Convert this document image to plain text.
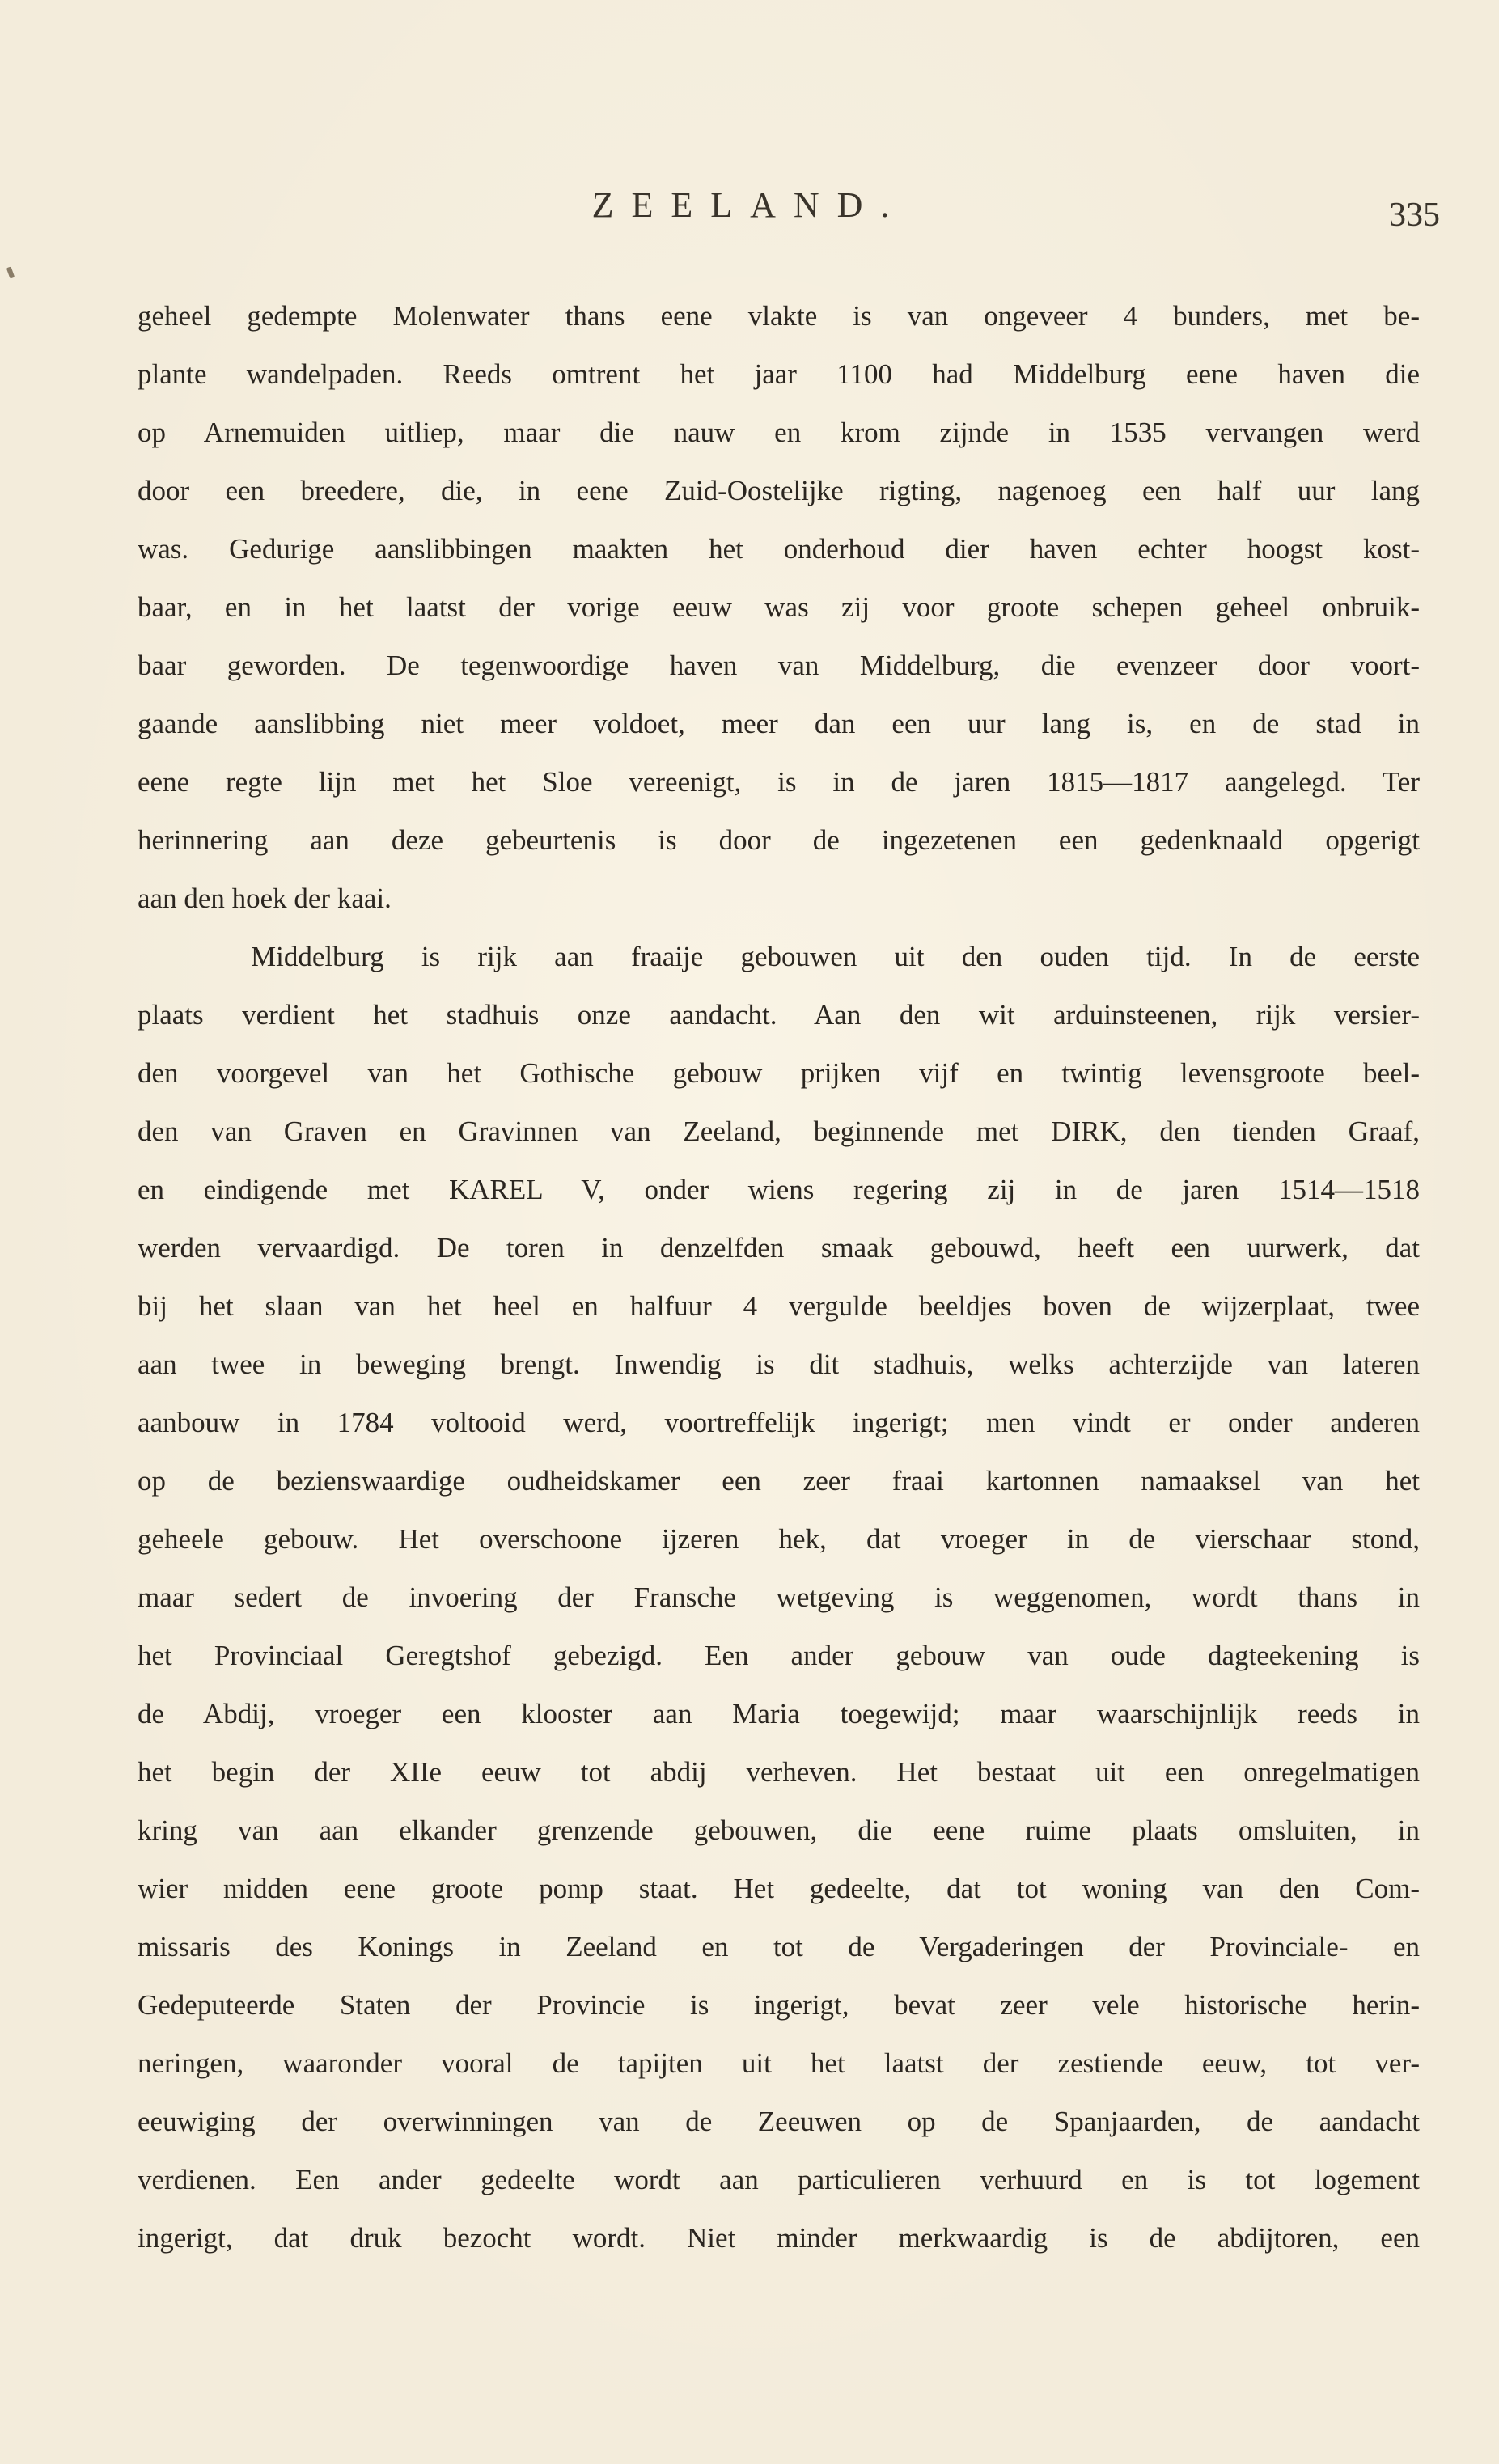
ZEELAND.	335
geheel gedempte Molenwater thans eene vlakte is van ongeveer 4 bunders, met be-
plante wandelpaden. Reeds omtrent het jaar 1100 had Middelburg eene haven die
op Arnemuiden uitliep, maar die nauw en krom zijnde in 1535 vervangen werd
door een breedere, die, in eene Zuid-Oostelijke rigting, nagenoeg een half uur lang
was. Gedurige aanslibbingen maakten het onderhoud dier haven echter hoogst kost-
baar, en in het laatst der vorige eeuw was zij voor groote schepen geheel onbruik-
baar geworden. De tegenwoordige haven van Middelburg, die evenzeer door voort-
gaande aanslibbing niet meer voldoet, meer dan een uur lang is, en de stad in
eene regte lijn met het Sloe vereenigt, is in de jaren 1815—1817 aangelegd. Ter
herinnering aan deze gebeurtenis is door de ingezetenen een gedenknaald opgerigt
aan den hoek der kaai.
Middelburg is rijk aan fraaije gebouwen uit den ouden tijd. In de eerste
plaats verdient het stadhuis onze aandacht. Aan den wit arduinsteenen, rijk versier-
den voorgevel van het Gothische gebouw prijken vijf en twintig levensgroote beel-
den van Graven en Gravinnen van Zeeland, beginnende met DIRK, den tienden Graaf,
en eindigende met KAREL V, onder wiens regering zij in de jaren 1514—1518
werden vervaardigd. De toren in denzelfden smaak gebouwd, heeft een uurwerk, dat
bij het slaan van het heel en halfuur 4 vergulde beeldjes boven de wijzerplaat, twee
aan twee in beweging brengt. Inwendig is dit stadhuis, welks achterzijde van lateren
aanbouw in 1784 voltooid werd, voortreffelijk ingerigt; men vindt er onder anderen
op de bezienswaardige oudheidskamer een zeer fraai kartonnen namaaksel van het
geheele gebouw. Het overschoone ijzeren hek, dat vroeger in de vierschaar stond,
maar sedert de invoering der Fransche wetgeving is weggenomen, wordt thans in
het Provinciaal Geregtshof gebezigd. Een ander gebouw van oude dagteekening is
de Abdij, vroeger een klooster aan Maria toegewijd; maar waarschijnlijk reeds in
het begin der XIIe eeuw tot abdij verheven. Het bestaat uit een onregelmatigen
kring van aan elkander grenzende gebouwen, die eene ruime plaats omsluiten, in
wier midden eene groote pomp staat. Het gedeelte, dat tot woning van den Com-
missaris des Konings in Zeeland en tot de Vergaderingen der Provinciale- en
Gedeputeerde Staten der Provincie is ingerigt, bevat zeer vele historische herin-
neringen, waaronder vooral de tapijten uit het laatst der zestiende eeuw, tot ver-
eeuwiging der overwinningen van de Zeeuwen op de Spanjaarden, de aandacht
verdienen. Een ander gedeelte wordt aan particulieren verhuurd en is tot logement
ingerigt, dat druk bezocht wordt. Niet minder merkwaardig is de abdijtoren, een
